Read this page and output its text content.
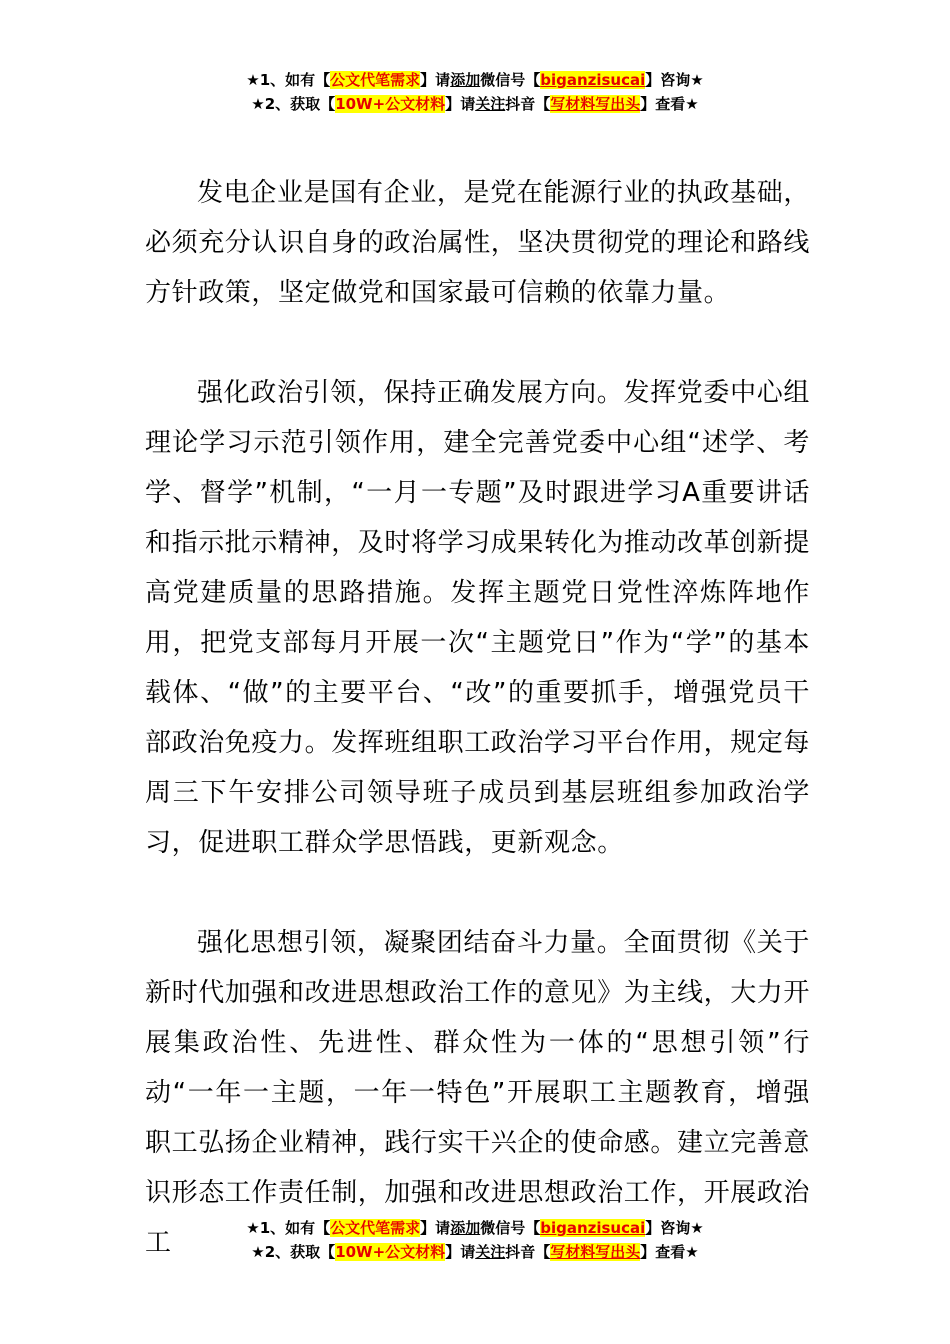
★1、如有【公文代笔需求】请添加微信号【biganzisucai】咨询★
★2、获取【10W+公文材料】请关注抖音【写材料写出头】查看★

发电企业是国有企业，是党在能源行业的执政基础，必须充分认识自身的政治属性，坚决贯彻党的理论和路线方针政策，坚定做党和国家最可信赖的依靠力量。

强化政治引领，保持正确发展方向。发挥党委中心组理论学习示范引领作用，建全完善党委中心组“述学、考学、督学”机制，“一月一专题”及时跟进学习A重要讲话和指示批示精神，及时将学习成果转化为推动改革创新提高党建质量的思路措施。发挥主题党日党性淬炼阵地作用，把党支部每月开展一次“主题党日”作为“学”的基本载体、“做”的主要平台、“改”的重要抓手，增强党员干部政治免疫力。发挥班组职工政治学习平台作用，规定每周三下午安排公司领导班子成员到基层班组参加政治学习，促进职工群众学思悟践，更新观念。

强化思想引领，凝聚团结奋斗力量。全面贯彻《关于新时代加强和改进思想政治工作的意见》为主线，大力开展集政治性、先进性、群众性为一体的“思想引领”行动“一年一主题，一年一特色”开展职工主题教育，增强职工弘扬企业精神，践行实干兴企的使命感。建立完善意识形态工作责任制，加强和改进思想政治工作，开展政治工	★1、如有【公文代笔需求】请添加微信号【biganzisucai】咨询★
★2、获取【10W+公文材料】请关注抖音【写材料写出头】查看★
